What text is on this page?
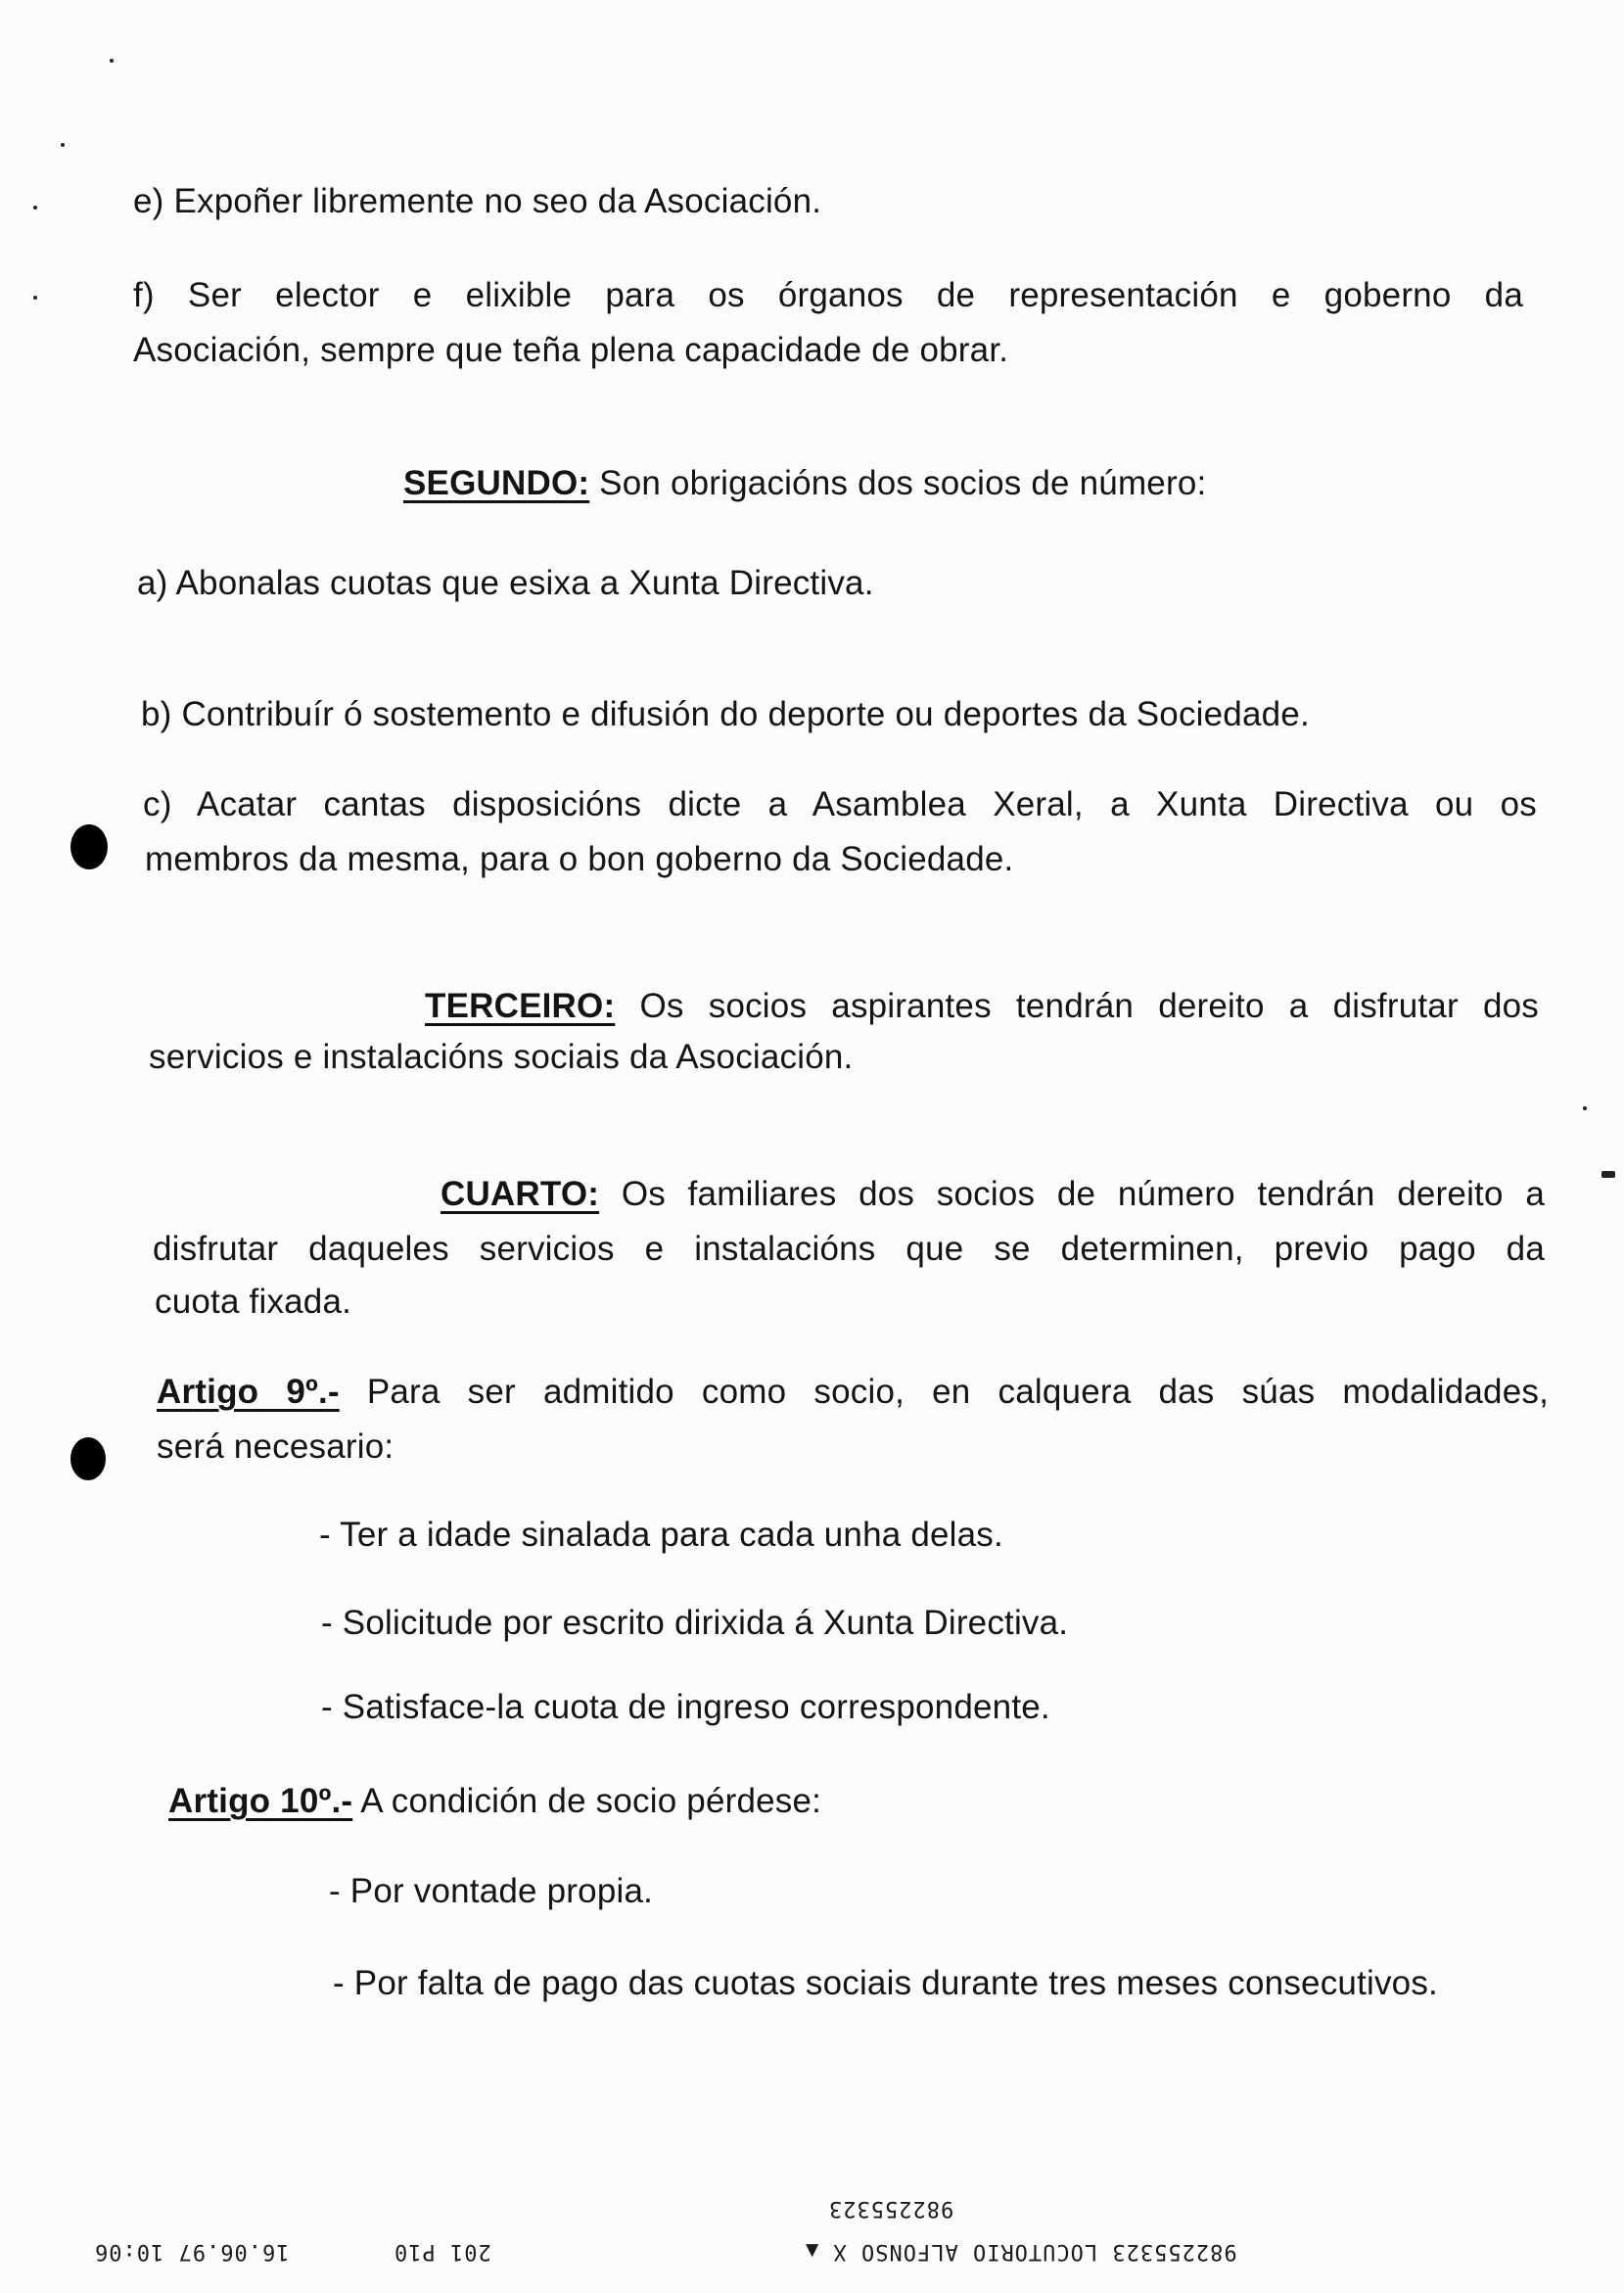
e) Expoñer libremente no seo da Asociación.
f) Ser elector e elixible para os órganos de representación e goberno da
Asociación, sempre que teña plena capacidade de obrar.
SEGUNDO: Son obrigacións dos socios de número:
a) Abonalas cuotas que esixa a Xunta Directiva.
b) Contribuír ó sostemento e difusión do deporte ou deportes da Sociedade.
c) Acatar cantas disposicións dicte a Asamblea Xeral, a Xunta Directiva ou os
membros da mesma, para o bon goberno da Sociedade.
TERCEIRO: Os socios aspirantes tendrán dereito a disfrutar dos
servicios e instalacións sociais da Asociación.
CUARTO: Os familiares dos socios de número tendrán dereito a
disfrutar daqueles servicios e instalacións que se determinen, previo pago da
cuota fixada.
Artigo 9º.- Para ser admitido como socio, en calquera das súas modalidades,
será necesario:
- Ter a idade sinalada para cada unha delas.
- Solicitude por escrito dirixida á Xunta Directiva.
- Satisface-la cuota de ingreso correspondente.
Artigo 10º.- A condición de socio pérdese:
- Por vontade propia.
- Por falta de pago das cuotas sociais durante tres meses consecutivos.
982255323
982255323 LOCUTORIO ALFONSO X ▲
201 P10
16.06.97 10:06
